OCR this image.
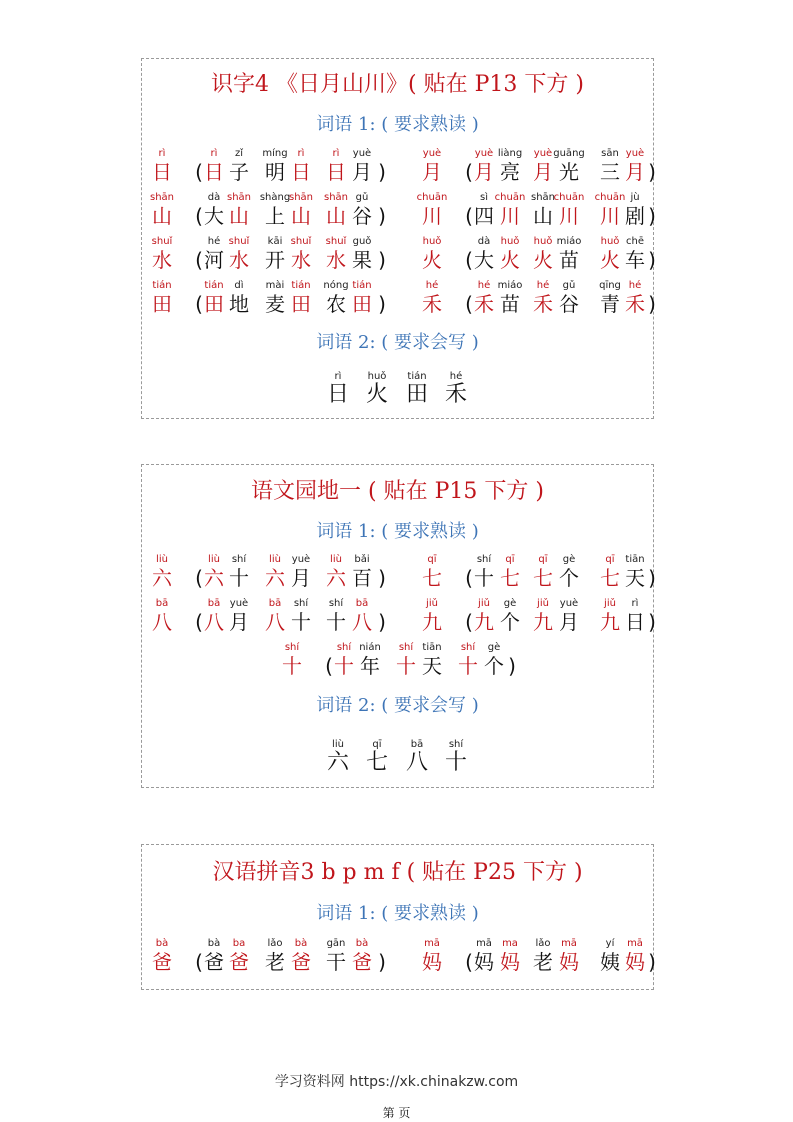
识字4 《日月山川》( 贴在 P13 下方 )
词语 1: ( 要求熟读 )
词语 2: ( 要求会写 )
rì
日 (
rì
日
zǐ
子
míng
明
rì
日
rì
日
yuè
月 )
yuè
月 (
yuè
月
liàng
亮
yuè
月
guāng
光
sān
三
yuè
月 )
shān
山 (
dà
大
shān
山
shàng
上
shān
山
shān
山
gǔ
谷 )
chuān
川 (
sì
四
chuān
川
shān
山
chuān
川
chuān
川
jù
剧 )
shuǐ
水 (
hé
河
shuǐ
水
kāi
开
shuǐ
水
shuǐ
水
guǒ
果 )
huǒ
火 (
dà
大
huǒ
火
huǒ
火
miáo
苗
huǒ
火
chē
车 )
tián
田 (
tián
田
dì
地
mài
麦
tián
田
nóng
农
tián
田 )
hé
禾 (
hé
禾
miáo
苗
hé
禾
gǔ
谷
qīng
青
hé
禾 )
rì
日
huǒ
火
tián
田
hé
禾
语文园地一 ( 贴在 P15 下方 )
词语 1: ( 要求熟读 )
词语 2: ( 要求会写 )
liù
六 (
liù
六
shí
十
liù
六
yuè
月
liù
六
bǎi
百 )
qī
七 (
shí
十
qī
七
qī
七
gè
个
qī
七
tiān
天 )
bā
八 (
bā
八
yuè
月
bā
八
shí
十
shí
十
bā
八 )
jiǔ
九 (
jiǔ
九
gè
个
jiǔ
九
yuè
月
jiǔ
九
rì
日 )
shí
十 (
shí
十
nián
年
shí
十
tiān
天
shí
十
gè
个 )
liù
六
qī
七
bā
八
shí
十
汉语拼音3 b p m f ( 贴在 P25 下方 )
词语 1: ( 要求熟读 )
bà
爸 (
bà
爸
ba
爸
lǎo
老
bà
爸
gān
干
bà
爸 )
mā
妈 (
mā
妈
ma
妈
lǎo
老
mā
妈
yí
姨
mā
妈 )
学习资料网 https://xk.chinakzw.com
第 页
